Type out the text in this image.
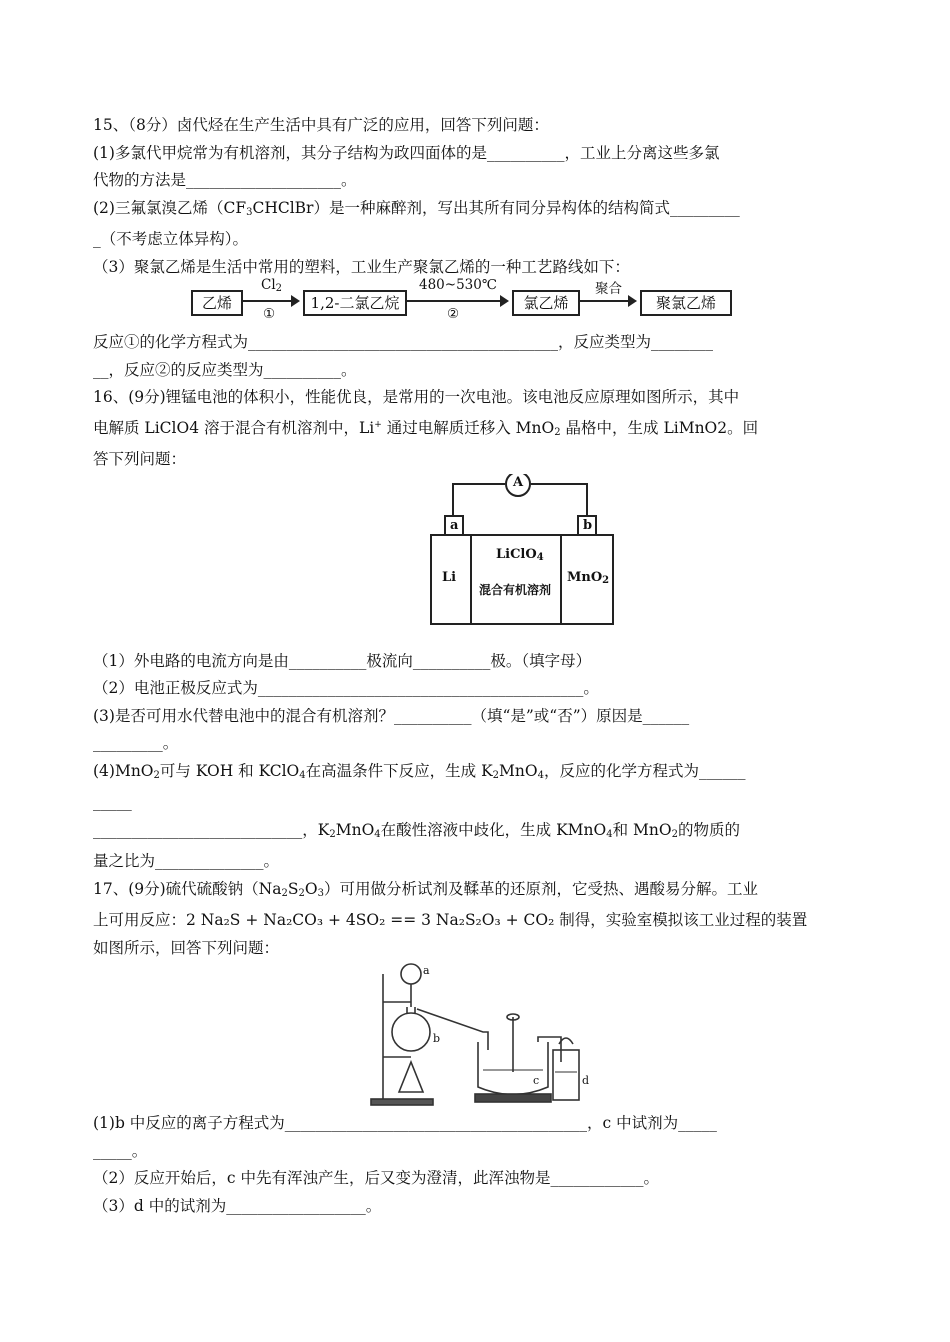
15、（8分）卤代烃在生产生活中具有广泛的应用，回答下列问题：
(1)多氯代甲烷常为有机溶剂，其分子结构为政四面体的是__________，工业上分离这些多氯
代物的方法是____________________。
(2)三氟氯溴乙烯$(CF_3CHClBr)$是一种麻醉剂，写出其所有同分异构体的结构简式_________
_（不考虑立体异构）。
（3）聚氯乙烯是生活中常用的塑料，工业生产聚氯乙烯的一种工艺路线如下：
乙烯
$Cl_2$
①
1,2-二氯乙烷
480~530℃
②
氯乙烯
聚合
聚氯乙烯
反应①的化学方程式为________________________________________，反应类型为________
__，反应②的反应类型为__________。
16、(9分)锂锰电池的体积小，性能优良，是常用的一次电池。该电池反应原理如图所示，其中
电解质 LiClO4 溶于混合有机溶剂中，Li+ 通过电解质迁移入 MnO$_2$ 晶格中，生成 LiMnO2。回
答下列问题：
A
a	b
Li
LiClO$_4$
混合有机溶剂
MnO$_2$
（1）外电路的电流方向是由__________极流向__________极。（填字母）
（2）电池正极反应式为__________________________________________。
(3)是否可用水代替电池中的混合有机溶剂？__________（填“是”或“否”）原因是______
_________。
(4)MnO$_2$可与 KOH 和 KClO$_4$在高温条件下反应，生成 $K_2MnO_4$，反应的化学方程式为______
_____
___________________________，$K_2MnO_4$在酸性溶液中歧化，生成 KMnO$_4$和 MnO$_2$的物质的
量之比为______________。
17、(9分)硫代硫酸钠$(Na_2S_2O_3)$可用做分析试剂及鞣革的还原剂，它受热、遇酸易分解。工业
上可用反应：2 Na₂S + Na₂CO₃ + 4SO₂ == 3 Na₂S₂O₃ + CO₂ 制得，实验室模拟该工业过程的装置
如图所示，回答下列问题：
a
b
c	d
(1)b 中反应的离子方程式为_______________________________________，c 中试剂为_____
_____。
（2）反应开始后，c 中先有浑浊产生，后又变为澄清，此浑浊物是____________。
（3）d 中的试剂为__________________。
